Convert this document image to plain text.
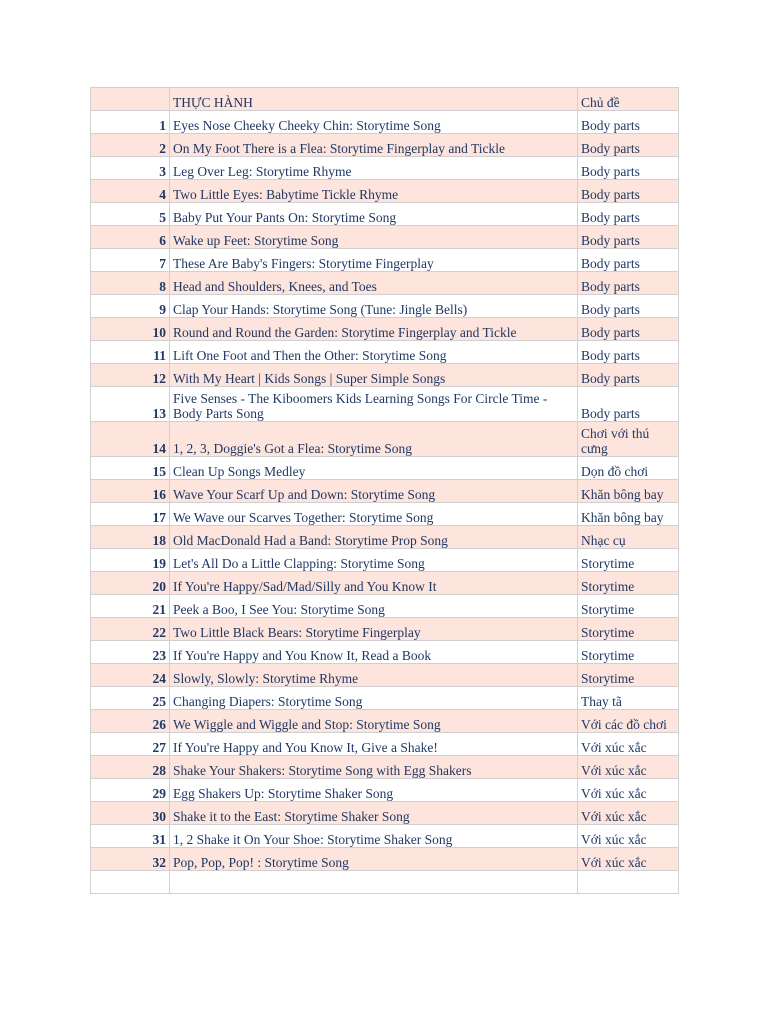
	THỰC HÀNH	Chủ đề
1	Eyes Nose Cheeky Cheeky Chin: Storytime Song	Body parts
2	On My Foot There is a Flea: Storytime Fingerplay and Tickle	Body parts
3	Leg Over Leg: Storytime Rhyme	Body parts
4	Two Little Eyes: Babytime Tickle Rhyme	Body parts
5	Baby Put Your Pants On: Storytime Song	Body parts
6	Wake up Feet: Storytime Song	Body parts
7	These Are Baby's Fingers: Storytime Fingerplay	Body parts
8	Head and Shoulders, Knees, and Toes	Body parts
9	Clap Your Hands: Storytime Song (Tune: Jingle Bells)	Body parts
10	Round and Round the Garden: Storytime Fingerplay and Tickle	Body parts
11	Lift One Foot and Then the Other: Storytime Song	Body parts
12	With My Heart | Kids Songs | Super Simple Songs	Body parts
13	Five Senses - The Kiboomers Kids Learning Songs For Circle Time - Body Parts Song	Body parts
14	1, 2, 3, Doggie's Got a Flea: Storytime Song	Chơi với thú cưng
15	Clean Up Songs Medley	Dọn đồ chơi
16	Wave Your Scarf Up and Down: Storytime Song	Khăn bông bay
17	We Wave our Scarves Together: Storytime Song	Khăn bông bay
18	Old MacDonald Had a Band: Storytime Prop Song	Nhạc cụ
19	Let's All Do a Little Clapping: Storytime Song	Storytime
20	If You're Happy/Sad/Mad/Silly and You Know It	Storytime
21	Peek a Boo, I See You: Storytime Song	Storytime
22	Two Little Black Bears: Storytime Fingerplay	Storytime
23	If You're Happy and You Know It, Read a Book	Storytime
24	Slowly, Slowly: Storytime Rhyme	Storytime
25	Changing Diapers: Storytime Song	Thay tã
26	We Wiggle and Wiggle and Stop: Storytime Song	Với các đồ chơi
27	If You're Happy and You Know It, Give a Shake!	Với xúc xắc
28	Shake Your Shakers: Storytime Song with Egg Shakers	Với xúc xắc
29	Egg Shakers Up: Storytime Shaker Song	Với xúc xắc
30	Shake it to the East: Storytime Shaker Song	Với xúc xắc
31	1, 2 Shake it On Your Shoe: Storytime Shaker Song	Với xúc xắc
32	Pop, Pop, Pop! : Storytime Song	Với xúc xắc
